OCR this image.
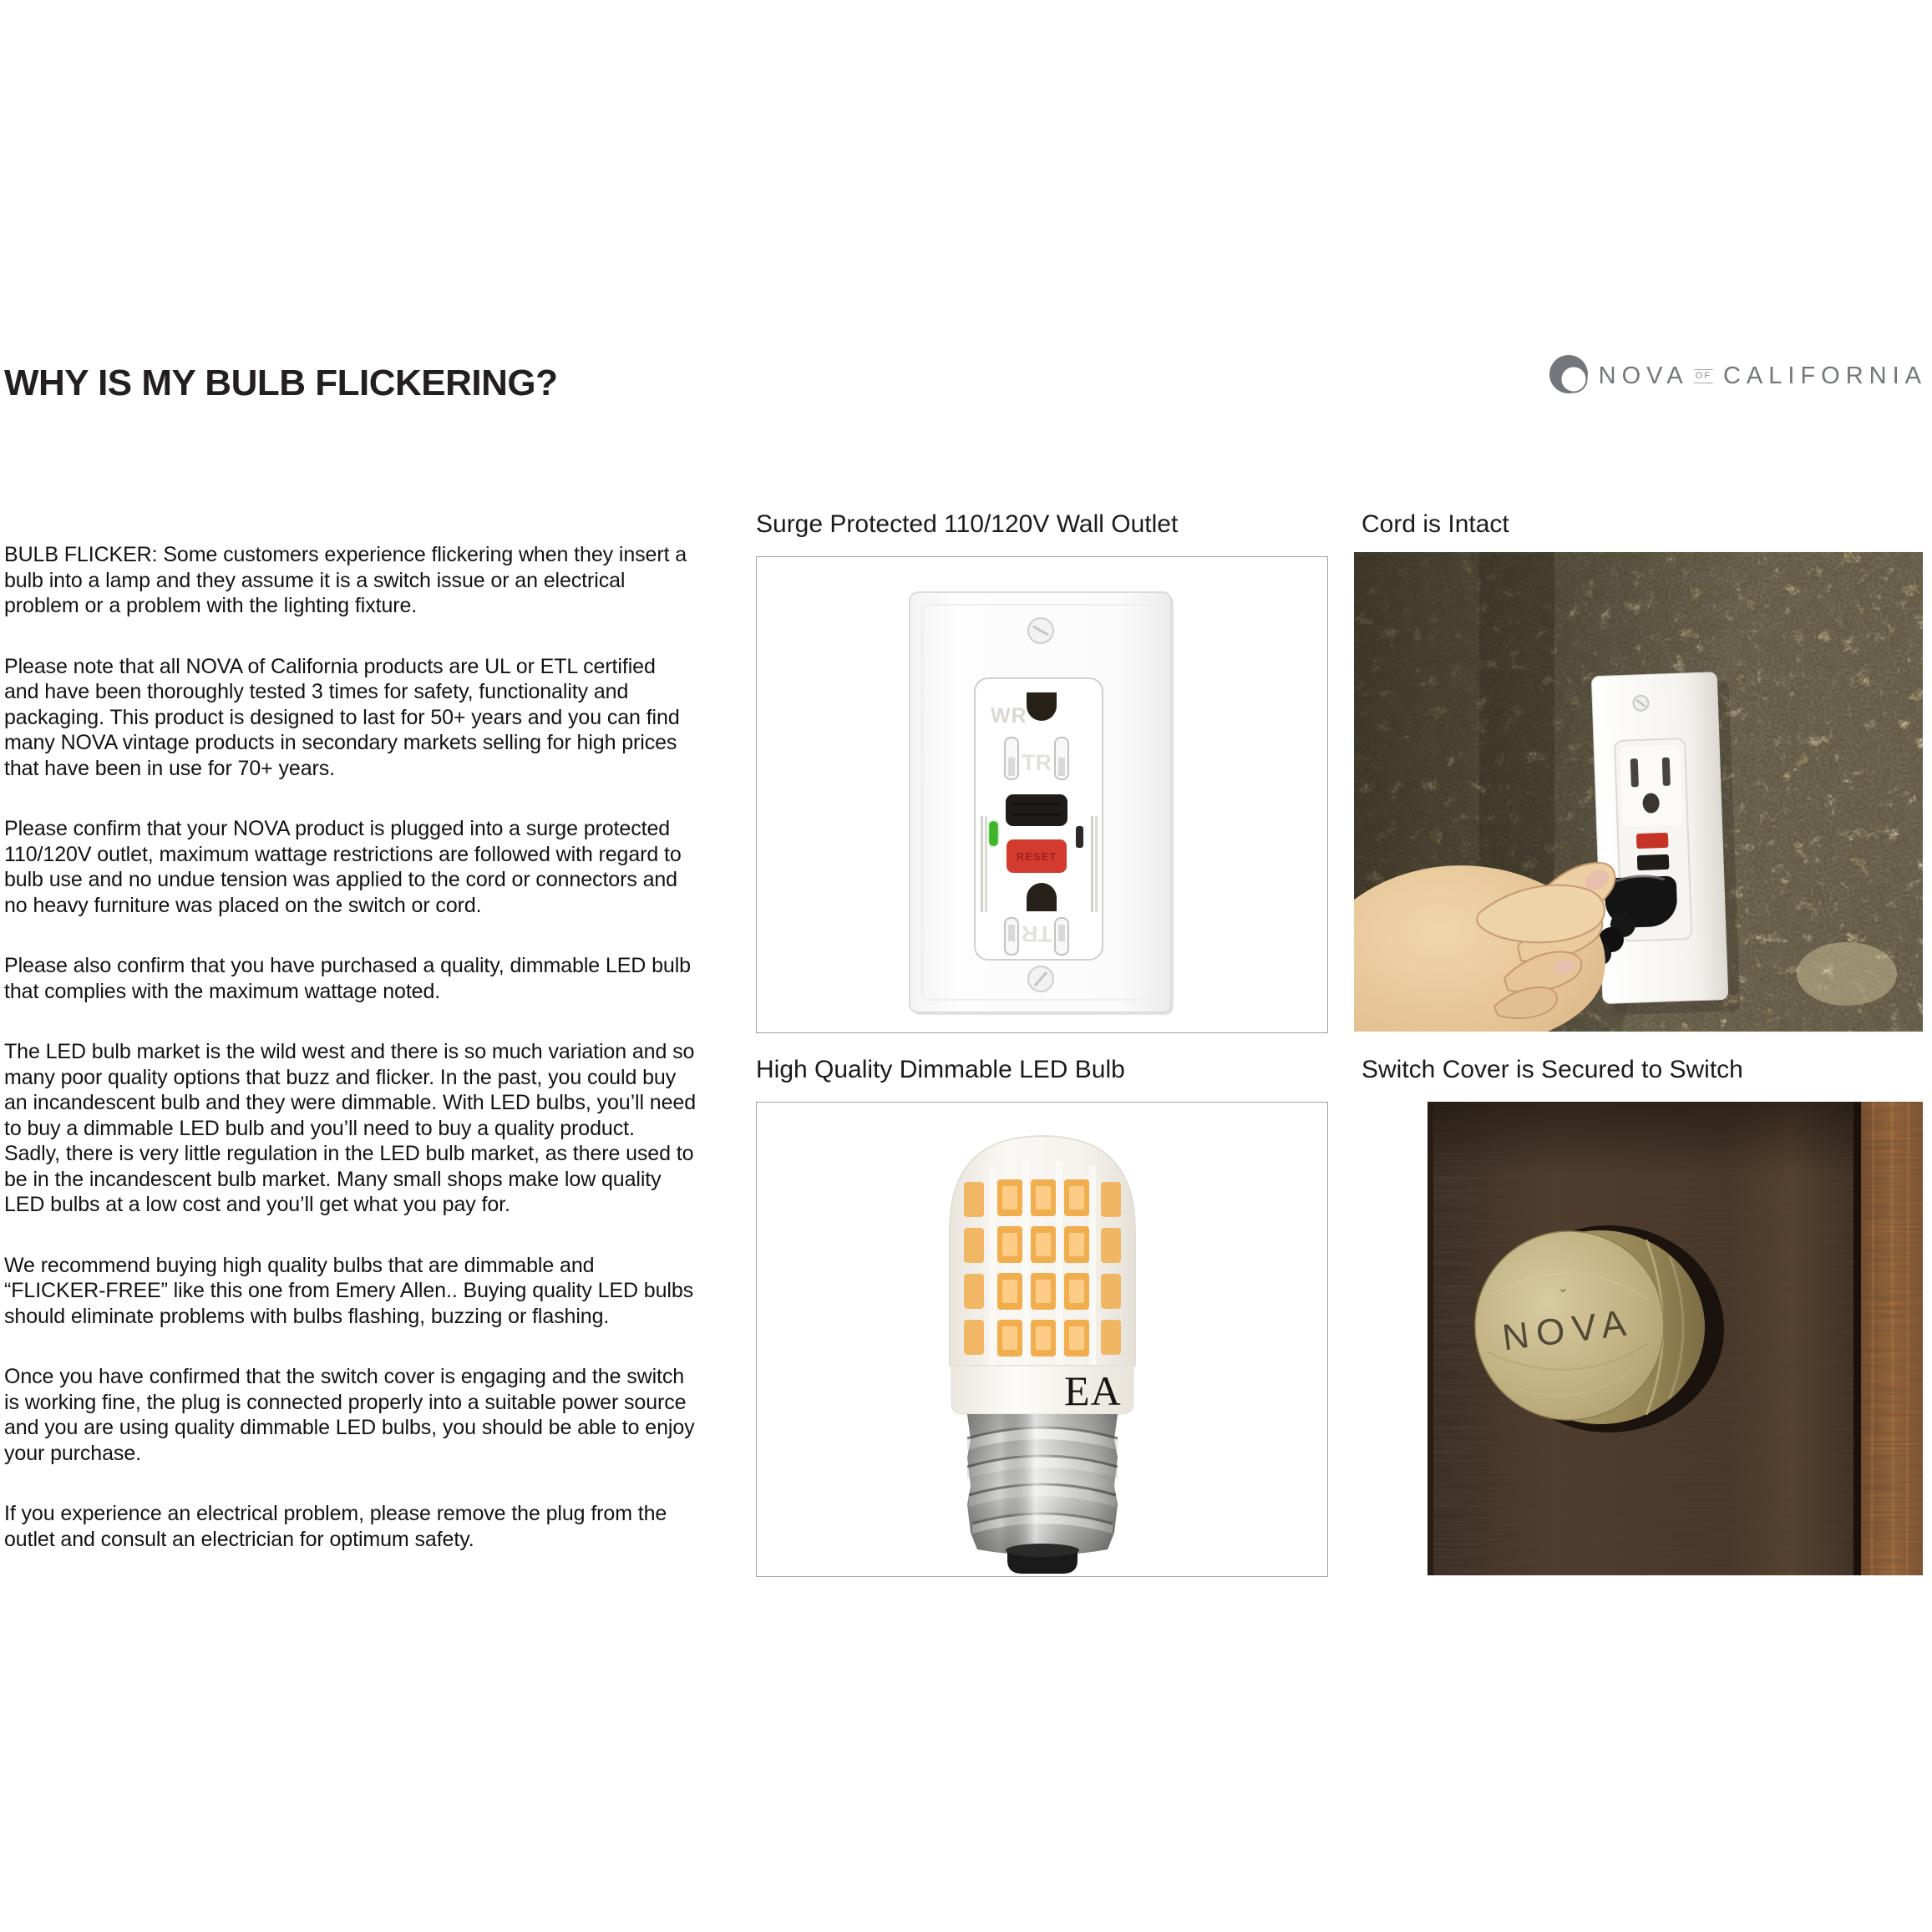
WHY IS MY BULB FLICKERING?	NOVA OF CALIFORNIA

BULB FLICKER: Some customers experience flickering when they insert a bulb into a lamp and they assume it is a switch issue or an electrical problem or a problem with the lighting fixture.

Please note that all NOVA of California products are UL or ETL certified and have been thoroughly tested 3 times for safety, functionality and packaging. This product is designed to last for 50+ years and you can find many NOVA vintage products in secondary markets selling for high prices that have been in use for 70+ years.

Please confirm that your NOVA product is plugged into a surge protected 110/120V outlet, maximum wattage restrictions are followed with regard to bulb use and no undue tension was applied to the cord or connectors and no heavy furniture was placed on the switch or cord.

Please also confirm that you have purchased a quality, dimmable LED bulb that complies with the maximum wattage noted.

The LED bulb market is the wild west and there is so much variation and so many poor quality options that buzz and flicker. In the past, you could buy an incandescent bulb and they were dimmable. With LED bulbs, you’ll need to buy a dimmable LED bulb and you’ll need to buy a quality product. Sadly, there is very little regulation in the LED bulb market, as there used to be in the incandescent bulb market. Many small shops make low quality LED bulbs at a low cost and you’ll get what you pay for.

We recommend buying high quality bulbs that are dimmable and “FLICKER-FREE” like this one from Emery Allen.. Buying quality LED bulbs should eliminate problems with bulbs flashing, buzzing or flashing.

Once you have confirmed that the switch cover is engaging and the switch is working fine, the plug is connected properly into a suitable power source and you are using quality dimmable LED bulbs, you should be able to enjoy your purchase.

If you experience an electrical problem, please remove the plug from the outlet and consult an electrician for optimum safety.

Surge Protected 110/120V Wall Outlet
WR
TR
RESET
TR
Cord is Intact
High Quality Dimmable LED Bulb
EA
Switch Cover is Secured to Switch
⌄
NOVA
